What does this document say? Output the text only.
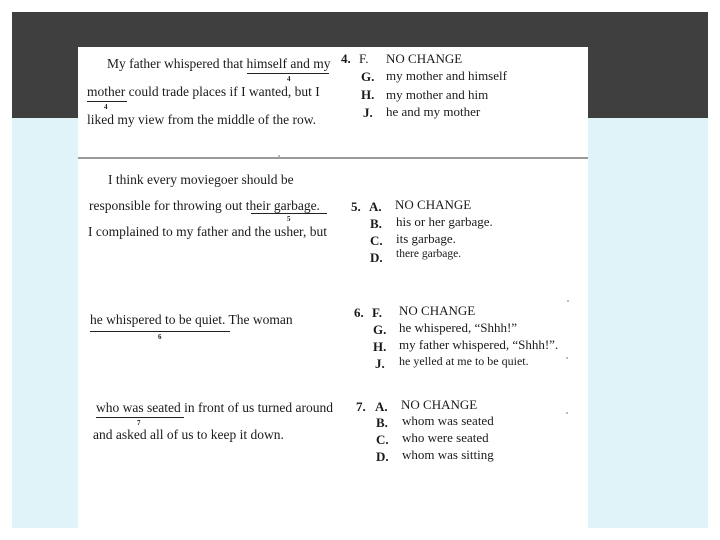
My father whispered that himself and my
4
mother could trade places if I wanted, but I
4
liked my view from the middle of the row.
4. F. NO CHANGE
G. my mother and himself
H. my mother and him
J. he and my mother
I think every moviegoer should be
responsible for throwing out their garbage.
5
I complained to my father and the usher, but
5. A. NO CHANGE
B. his or her garbage.
C. its garbage.
D. there garbage.
he whispered to be quiet. The woman
6
6. F. NO CHANGE
G. he whispered, “Shhh!”
H. my father whispered, “Shhh!”.
J. he yelled at me to be quiet.
who was seated in front of us turned around
7
and asked all of us to keep it down.
7. A. NO CHANGE
B. whom was seated
C. who were seated
D. whom was sitting
